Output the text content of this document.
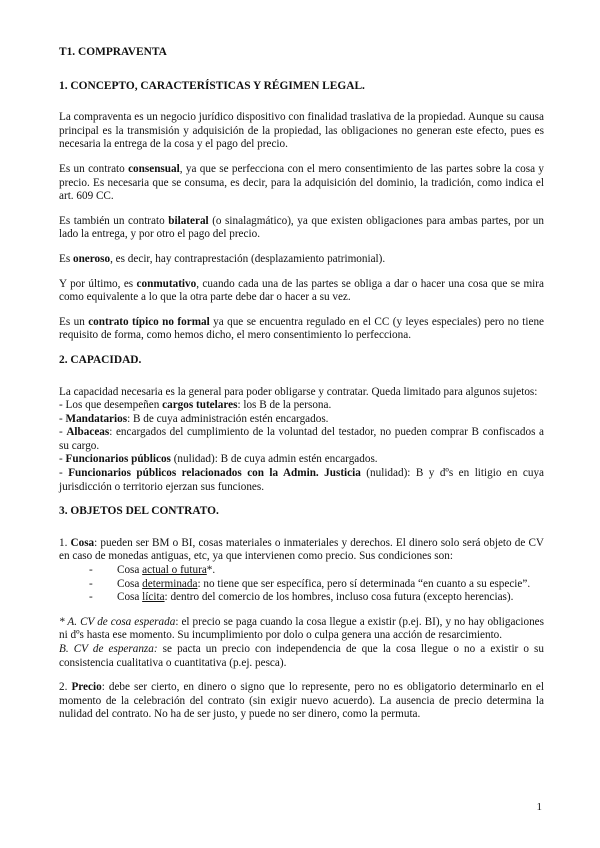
T1. COMPRAVENTA
1. CONCEPTO, CARACTERÍSTICAS Y RÉGIMEN LEGAL.

La compraventa es un negocio jurídico dispositivo con finalidad traslativa de la propiedad. Aunque su causa principal es la transmisión y adquisición de la propiedad, las obligaciones no generan este efecto, pues es necesaria la entrega de la cosa y el pago del precio.

Es un contrato consensual, ya que se perfecciona con el mero consentimiento de las partes sobre la cosa y precio. Es necesaria que se consuma, es decir, para la adquisición del dominio, la tradición, como indica el art. 609 CC.

Es también un contrato bilateral (o sinalagmático), ya que existen obligaciones para ambas partes, por un lado la entrega, y por otro el pago del precio.

Es oneroso, es decir, hay contraprestación (desplazamiento patrimonial).

Y por último, es conmutativo, cuando cada una de las partes se obliga a dar o hacer una cosa que se mira como equivalente a lo que la otra parte debe dar o hacer a su vez.

Es un contrato típico no formal ya que se encuentra regulado en el CC (y leyes especiales) pero no tiene requisito de forma, como hemos dicho, el mero consentimiento lo perfecciona.

2. CAPACIDAD.

La capacidad necesaria es la general para poder obligarse y contratar. Queda limitado para algunos sujetos:

- Los que desempeñen cargos tutelares: los B de la persona.

- Mandatarios: B de cuya administración estén encargados.

- Albaceas: encargados del cumplimiento de la voluntad del testador, no pueden comprar B confiscados a su cargo.

- Funcionarios públicos (nulidad): B de cuya admin estén encargados.

- Funcionarios públicos relacionados con la Admin. Justicia (nulidad): B y dºs en litigio en cuya jurisdicción o territorio ejerzan sus funciones.

3. OBJETOS DEL CONTRATO.

1. Cosa: pueden ser BM o BI, cosas materiales o inmateriales y derechos. El dinero solo será objeto de CV en caso de monedas antiguas, etc, ya que intervienen como precio. Sus condiciones son:

-	Cosa actual o futura*.
-	Cosa determinada: no tiene que ser específica, pero sí determinada “en cuanto a su especie”.
-	Cosa lícita: dentro del comercio de los hombres, incluso cosa futura (excepto herencias).

* A. CV de cosa esperada: el precio se paga cuando la cosa llegue a existir (p.ej. BI), y no hay obligaciones ni dºs hasta ese momento. Su incumplimiento por dolo o culpa genera una acción de resarcimiento.

B. CV de esperanza: se pacta un precio con independencia de que la cosa llegue o no a existir o su consistencia cualitativa o cuantitativa (p.ej. pesca).

2. Precio: debe ser cierto, en dinero o signo que lo represente, pero no es obligatorio determinarlo en el momento de la celebración del contrato (sin exigir nuevo acuerdo). La ausencia de precio determina la nulidad del contrato. No ha de ser justo, y puede no ser dinero, como la permuta.

1
